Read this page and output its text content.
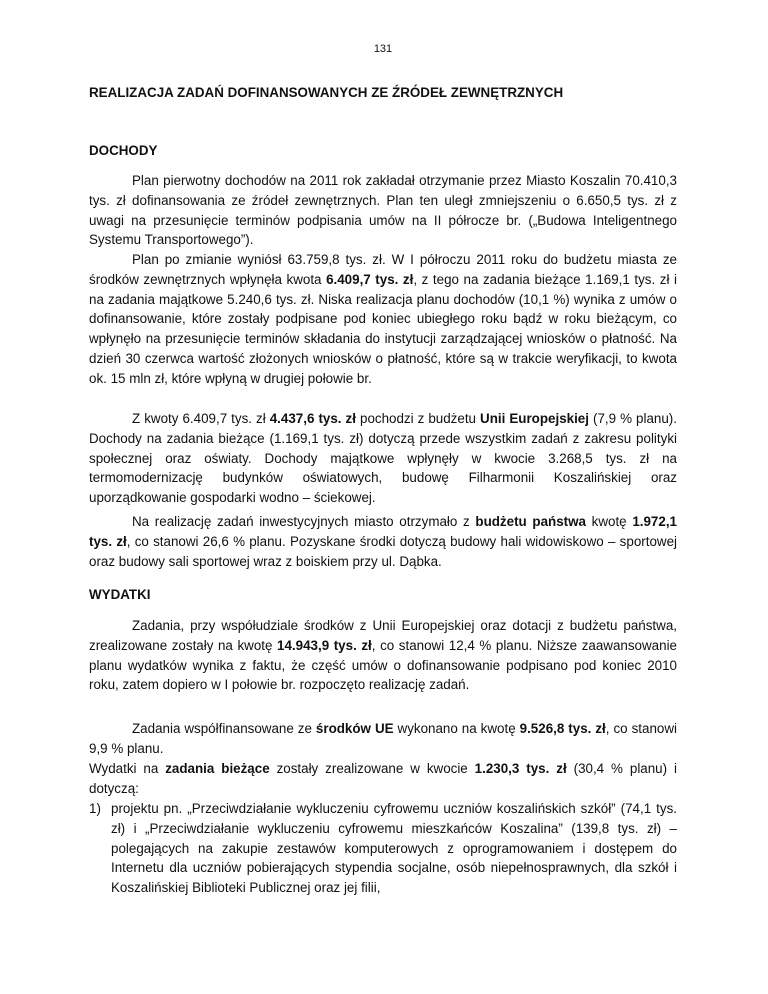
131
REALIZACJA ZADAŃ DOFINANSOWANYCH ZE ŹRÓDEŁ ZEWNĘTRZNYCH
DOCHODY

Plan pierwotny dochodów na 2011 rok zakładał otrzymanie przez Miasto Koszalin 70.410,3 tys. zł dofinansowania ze źródeł zewnętrznych. Plan ten uległ zmniejszeniu o 6.650,5 tys. zł z uwagi na przesunięcie terminów podpisania umów na II półrocze br. („Budowa Inteligentnego Systemu Transportowego”).

Plan po zmianie wyniósł 63.759,8 tys. zł. W I półroczu 2011 roku do budżetu miasta ze środków zewnętrznych wpłynęła kwota 6.409,7 tys. zł, z tego na zadania bieżące 1.169,1 tys. zł i na zadania majątkowe 5.240,6 tys. zł. Niska realizacja planu dochodów (10,1 %) wynika z umów o dofinansowanie, które zostały podpisane pod koniec ubiegłego roku bądź w roku bieżącym, co wpłynęło na przesunięcie terminów składania do instytucji zarządzającej wniosków o płatność. Na dzień 30 czerwca wartość złożonych wniosków o płatność, które są w trakcie weryfikacji, to kwota ok. 15 mln zł, które wpłyną w drugiej połowie br.

Z kwoty 6.409,7 tys. zł 4.437,6 tys. zł pochodzi z budżetu Unii Europejskiej (7,9 % planu). Dochody na zadania bieżące (1.169,1 tys. zł) dotyczą przede wszystkim zadań z zakresu polityki społecznej oraz oświaty. Dochody majątkowe wpłynęły w kwocie 3.268,5 tys. zł na termomodernizację budynków oświatowych, budowę Filharmonii Koszalińskiej oraz uporządkowanie gospodarki wodno – ściekowej.

Na realizację zadań inwestycyjnych miasto otrzymało z budżetu państwa kwotę 1.972,1 tys. zł, co stanowi 26,6 % planu. Pozyskane środki dotyczą budowy hali widowiskowo – sportowej oraz budowy sali sportowej wraz z boiskiem przy ul. Dąbka.

WYDATKI

Zadania, przy współudziale środków z Unii Europejskiej oraz dotacji z budżetu państwa, zrealizowane zostały na kwotę 14.943,9 tys. zł, co stanowi 12,4 % planu. Niższe zaawansowanie planu wydatków wynika z faktu, że część umów o dofinansowanie podpisano pod koniec 2010 roku, zatem dopiero w I połowie br. rozpoczęto realizację zadań.

Zadania współfinansowane ze środków UE wykonano na kwotę 9.526,8 tys. zł, co stanowi 9,9 % planu.

Wydatki na zadania bieżące zostały zrealizowane w kwocie 1.230,3 tys. zł (30,4 % planu) i dotyczą:

1) projektu pn. „Przeciwdziałanie wykluczeniu cyfrowemu uczniów koszalińskich szkół” (74,1 tys. zł) i „Przeciwdziałanie wykluczeniu cyfrowemu mieszkańców Koszalina” (139,8 tys. zł) – polegających na zakupie zestawów komputerowych z oprogramowaniem i dostępem do Internetu dla uczniów pobierających stypendia socjalne, osób niepełnosprawnych, dla szkół i Koszalińskiej Biblioteki Publicznej oraz jej filii,
